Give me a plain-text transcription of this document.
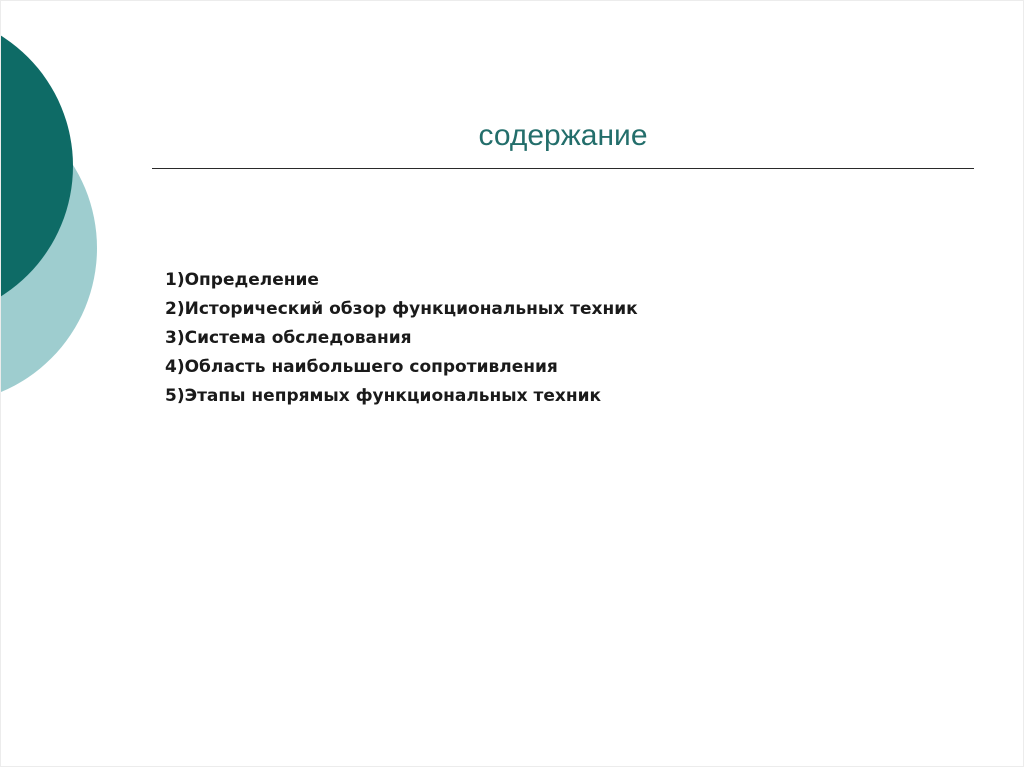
содержание
1)Определение
2)Исторический обзор функциональных техник
3)Система обследования
4)Область наибольшего сопротивления
5)Этапы непрямых функциональных техник
